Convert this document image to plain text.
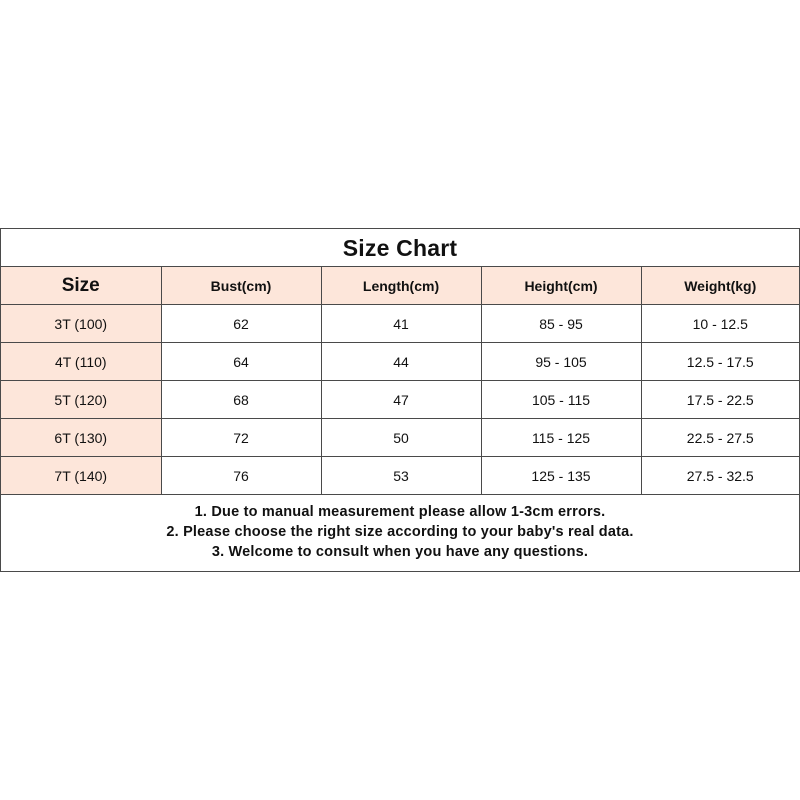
Size Chart
Size	Bust(cm)	Length(cm)	Height(cm)	Weight(kg)
3T (100)	62	41	85 - 95	10 - 12.5
4T (110)	64	44	95 - 105	12.5 - 17.5
5T (120)	68	47	105 - 115	17.5 - 22.5
6T (130)	72	50	115 - 125	22.5 - 27.5
7T (140)	76	53	125 - 135	27.5 - 32.5
1. Due to manual measurement please allow 1-3cm errors.
2. Please choose the right size according to your baby's real data.
3. Welcome to consult when you have any questions.
